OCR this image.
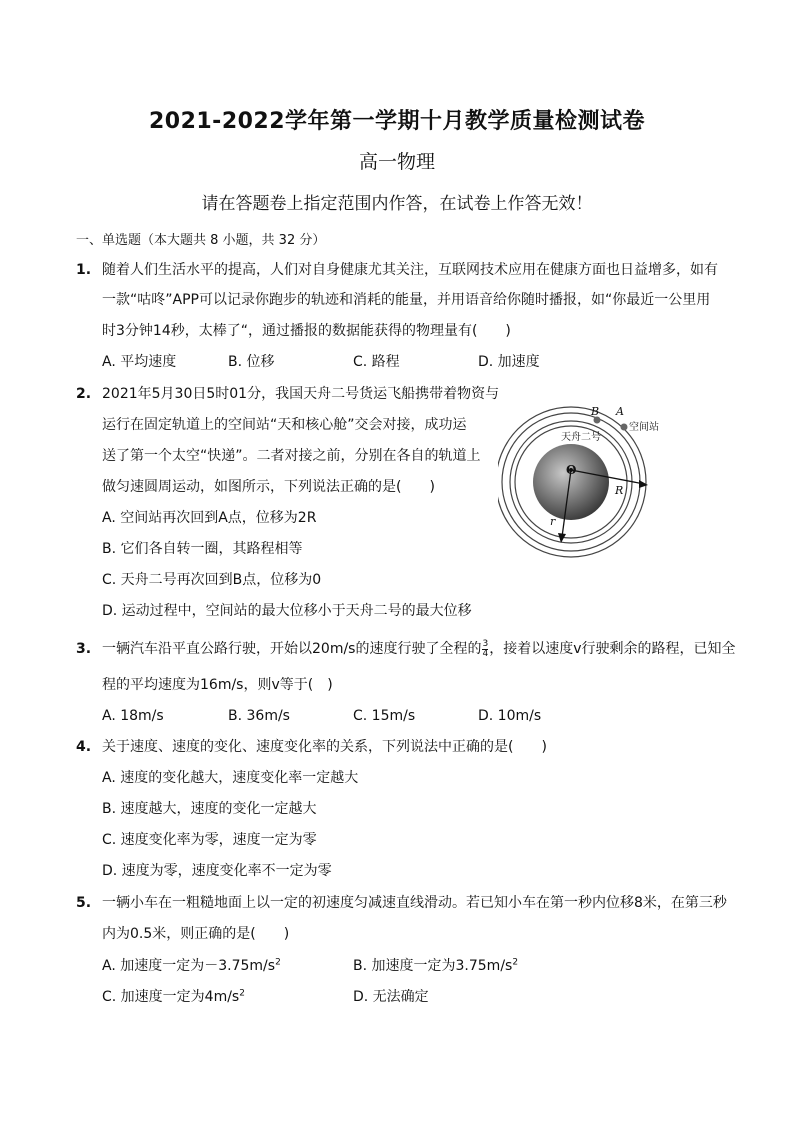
2021-2022学年第一学期十月教学质量检测试卷
高一物理
请在答题卷上指定范围内作答，在试卷上作答无效！
一、单选题（本大题共 8 小题，共 32 分）
1. 随着人们生活水平的提高，人们对自身健康尤其关注，互联网技术应用在健康方面也日益增多，如有
一款“咕咚”APP可以记录你跑步的轨迹和消耗的能量，并用语音给你随时播报，如“你最近一公里用
时3分钟14秒，太棒了“，通过播报的数据能获得的物理量有(　　)
A. 平均速度	B. 位移	C. 路程	D. 加速度
2. 2021年5月30日5时01分，我国天舟二号货运飞船携带着物资与
运行在固定轨道上的空间站“天和核心舱”交会对接，成功运
送了第一个太空“快递”。二者对接之前，分别在各自的轨道上
做匀速圆周运动，如图所示，下列说法正确的是(　　)
A. 空间站再次回到A点，位移为2R
B. 它们各自转一圈，其路程相等
C. 天舟二号再次回到B点，位移为0
D. 运动过程中，空间站的最大位移小于天舟二号的最大位移
B A
空间站
天舟二号
O
R
r
3. 一辆汽车沿平直公路行驶，开始以20m/s的速度行驶了全程的 $\frac{3}{4}$ ，接着以速度v行驶剩余的路程，已知全
程的平均速度为16m/s，则v等于(　)
A. 18m/s	B. 36m/s	C. 15m/s	D. 10m/s
4. 关于速度、速度的变化、速度变化率的关系，下列说法中正确的是(　　)
A. 速度的变化越大，速度变化率一定越大
B. 速度越大，速度的变化一定越大
C. 速度变化率为零，速度一定为零
D. 速度为零，速度变化率不一定为零
5. 一辆小车在一粗糙地面上以一定的初速度匀减速直线滑动。若已知小车在第一秒内位移8米，在第三秒
内为0.5米，则正确的是(　　)
A. 加速度一定为$-3.75m/s^2$	B. 加速度一定为$3.75m/s^2$
C. 加速度一定为$4m/s^2$	D. 无法确定
